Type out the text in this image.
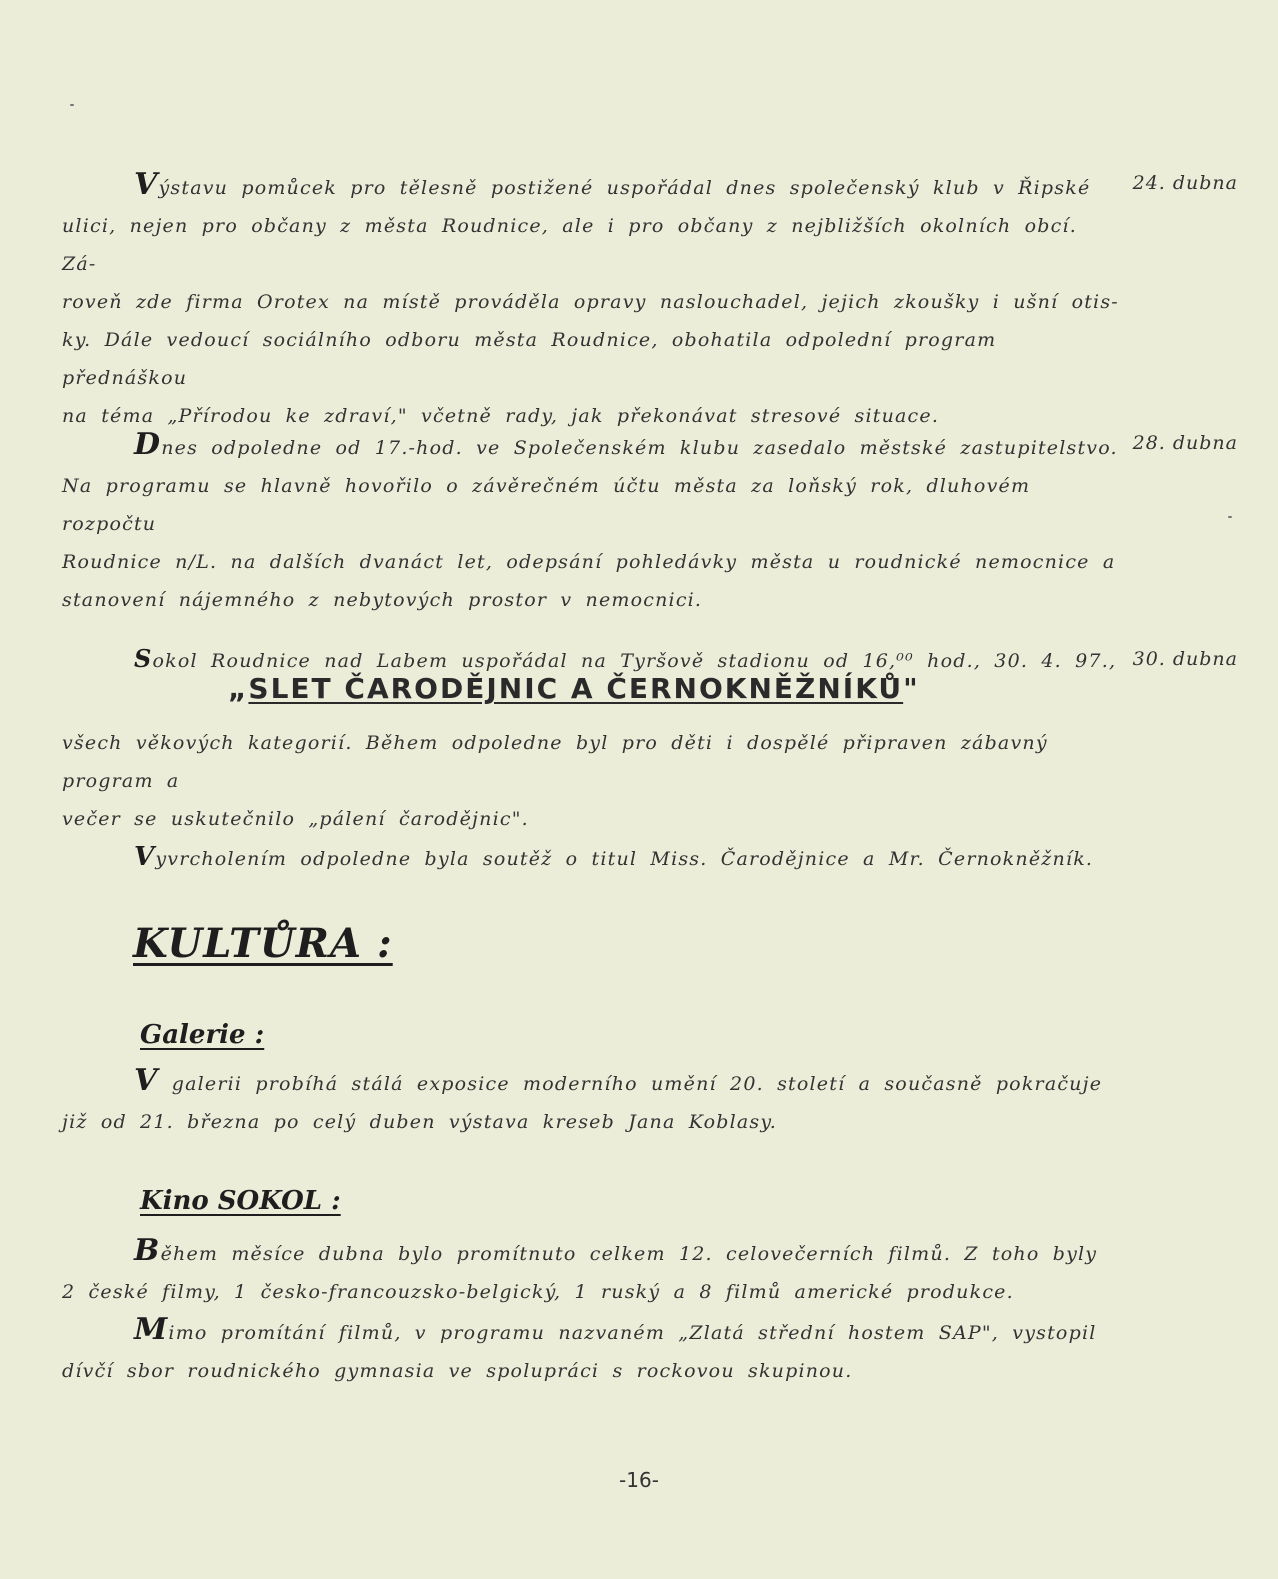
24. dubna
Výstavu pomůcek pro tělesně postižené uspořádal dnes společenský klub v Řipské
ulici, nejen pro občany z města Roudnice, ale i pro občany z nejbližších okolních obcí. Zá-
roveň zde firma Orotex na místě prováděla opravy naslouchadel, jejich zkoušky i ušní otis-
ky. Dále vedoucí sociálního odboru města Roudnice, obohatila odpolední program přednáškou
na téma „Přírodou ke zdraví," včetně rady, jak překonávat stresové situace.
28. dubna
Dnes odpoledne od 17.-hod. ve Společenském klubu zasedalo městské zastupitelstvo.
Na programu se hlavně hovořilo o závěrečném účtu města za loňský rok, dluhovém rozpočtu
Roudnice n/L. na dalších dvanáct let, odepsání pohledávky města u roudnické nemocnice a
stanovení nájemného z nebytových prostor v nemocnici.
30. dubna
Sokol Roudnice nad Labem uspořádal na Tyršově stadionu od 16,⁰⁰ hod., 30. 4. 97.,
„SLET ČARODĚJNIC A ČERNOKNĚŽNÍKŮ"
všech věkových kategorií. Během odpoledne byl pro děti i dospělé připraven zábavný program a
večer se uskutečnilo „pálení čarodějnic".
Vyvrcholením odpoledne byla soutěž o titul Miss. Čarodějnice a Mr. Černokněžník.
KULTŮRA :
Galerie :
V galerii probíhá stálá exposice moderního umění 20. století a současně pokračuje
již od 21. března po celý duben výstava kreseb Jana Koblasy.
Kino SOKOL :
Během měsíce dubna bylo promítnuto celkem 12. celovečerních filmů. Z toho byly
2 české filmy, 1 česko-francouzsko-belgický, 1 ruský a 8 filmů americké produkce.
Mimo promítání filmů, v programu nazvaném „Zlatá střední hostem SAP", vystopil
dívčí sbor roudnického gymnasia ve spolupráci s rockovou skupinou.
-16-
